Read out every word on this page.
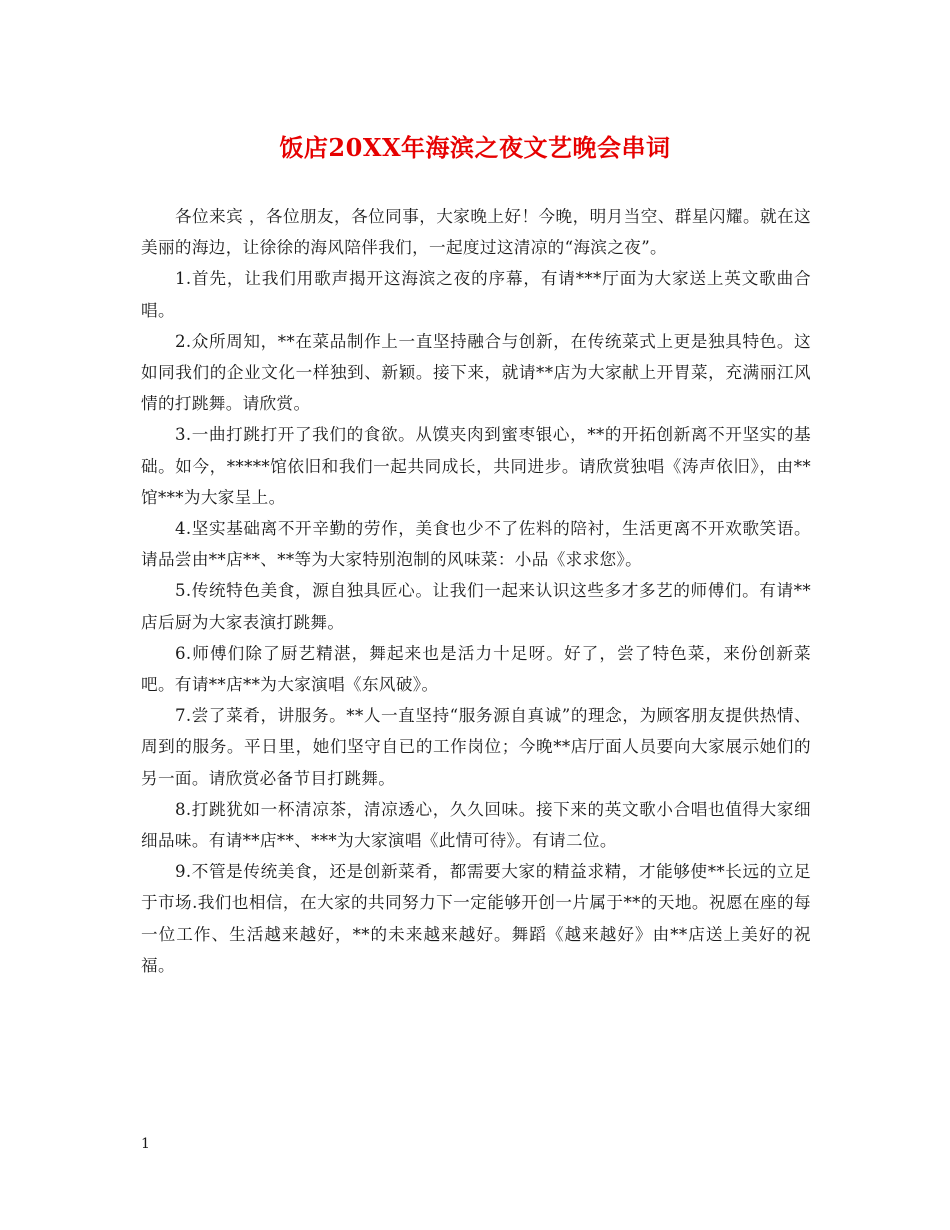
饭店20XX年海滨之夜文艺晚会串词

各位来宾 ，各位朋友，各位同事，大家晚上好！今晚，明月当空、群星闪耀。就在这美丽的海边，让徐徐的海风陪伴我们，一起度过这清凉的“海滨之夜”。

1.首先，让我们用歌声揭开这海滨之夜的序幕，有请***厅面为大家送上英文歌曲合唱。

2.众所周知，**在菜品制作上一直坚持融合与创新，在传统菜式上更是独具特色。这如同我们的企业文化一样独到、新颖。接下来，就请**店为大家献上开胃菜，充满丽江风情的打跳舞。请欣赏。

3.一曲打跳打开了我们的食欲。从馍夹肉到蜜枣银心，**的开拓创新离不开坚实的基础。如今，*****馆依旧和我们一起共同成长，共同进步。请欣赏独唱《涛声依旧》，由**馆***为大家呈上。

4.坚实基础离不开辛勤的劳作，美食也少不了佐料的陪衬，生活更离不开欢歌笑语。请品尝由**店**、**等为大家特别泡制的风味菜：小品《求求您》。

5.传统特色美食，源自独具匠心。让我们一起来认识这些多才多艺的师傅们。有请**店后厨为大家表演打跳舞。

6.师傅们除了厨艺精湛，舞起来也是活力十足呀。好了，尝了特色菜，来份创新菜吧。有请**店**为大家演唱《东风破》。

7.尝了菜肴，讲服务。**人一直坚持“服务源自真诚”的理念，为顾客朋友提供热情、周到的服务。平日里，她们坚守自已的工作岗位；今晚**店厅面人员要向大家展示她们的另一面。请欣赏必备节目打跳舞。

8.打跳犹如一杯清凉茶，清凉透心，久久回味。接下来的英文歌小合唱也值得大家细细品味。有请**店**、***为大家演唱《此情可待》。有请二位。

9.不管是传统美食，还是创新菜肴，都需要大家的精益求精，才能够使**长远的立足于市场.我们也相信，在大家的共同努力下一定能够开创一片属于**的天地。祝愿在座的每一位工作、生活越来越好，**的未来越来越好。舞蹈《越来越好》由**店送上美好的祝福。

1
